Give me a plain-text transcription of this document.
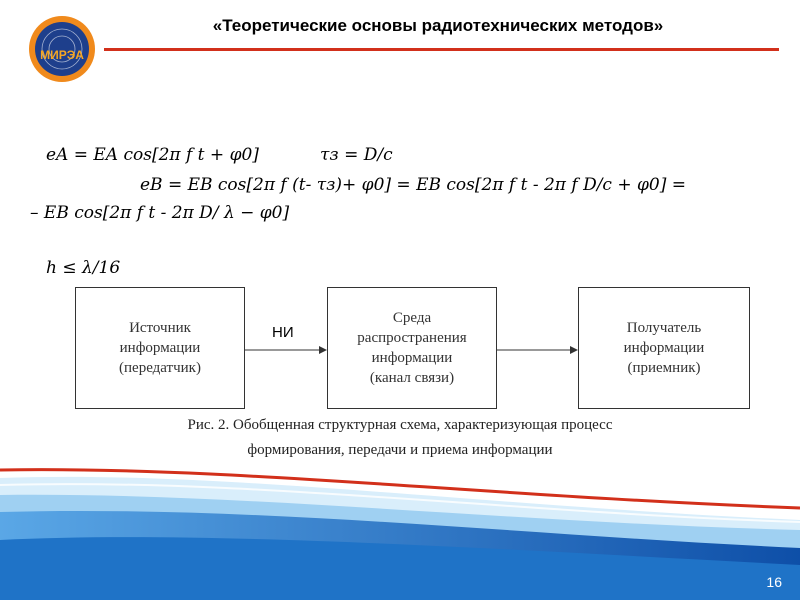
МИРЭА
«Теоретические основы радиотехнических методов»
eA = EA cos[2π f t + φ0]	τз = D/c
eB = EB cos[2π f (t- τз)+ φ0] = EB cos[2π f t - 2π f D/c + φ0] =
– EB cos[2π f t - 2π D/ λ − φ0]
h ≤ λ/16
Источник
информации
(передатчик)
Среда
распространения
информации
(канал связи)
Получатель
информации
(приемник)
НИ
Рис. 2. Обобщенная структурная схема, характеризующая процесс
формирования, передачи и приема информации
16
